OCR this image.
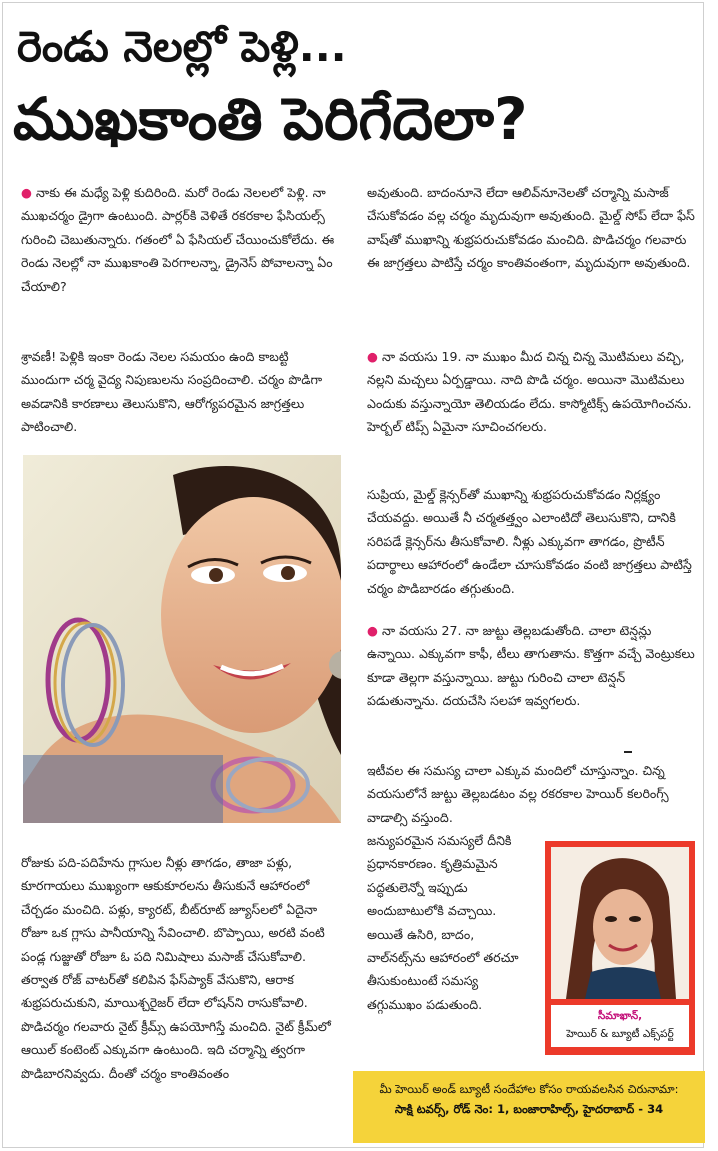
రెండు నెలల్లో పెళ్లి...
ముఖకాంతి పెరిగేదెలా?

● నాకు ఈ మధ్యే పెళ్లి కుదిరింది. మరో రెండు నెలలలో పెళ్లి. నా ముఖచర్మం డ్రైగా ఉంటుంది. పార్లర్‌కి వెళితే రకరకాల ఫేసియల్స్ గురించి చెబుతున్నారు. గతంలో ఏ ఫేసియల్ చేయించుకోలేదు. ఈ రెండు నెలల్లో నా ముఖకాంతి పెరగాలన్నా, డ్రైనెస్ పోవాలన్నా ఏం చేయాలి?

శ్రావణీ! పెళ్లికి ఇంకా రెండు నెలల సమయం ఉంది కాబట్టి ముందుగా చర్మ వైద్య నిపుణులను సంప్రదించాలి. చర్మం పొడిగా అవడానికి కారణాలు తెలుసుకొని, ఆరోగ్యపరమైన జాగ్రత్తలు పాటించాలి.

రోజుకు పది-పదిహేను గ్లాసుల నీళ్లు తాగడం, తాజా పళ్లు, కూరగాయలు ముఖ్యంగా ఆకుకూరలను తీసుకునే ఆహారంలో చేర్చడం మంచిది. పళ్లు, క్యారట్, బీట్‌రూట్ జ్యూస్‌లలో ఏదైనా రోజూ ఒక గ్లాసు పానీయాన్ని సేవించాలి. బొప్పాయి, అరటి వంటి పండ్ల గుజ్జుతో రోజూ ఓ పది నిమిషాలు మసాజ్ చేసుకోవాలి. తర్వాత రోజ్ వాటర్‌తో కలిపిన ఫేస్‌ప్యాక్ వేసుకొని, ఆరాక శుభ్రపరుచుకుని, మాయిశ్చరైజర్ లేదా లోషన్‌ని రాసుకోవాలి. పొడిచర్మం గలవారు నైట్ క్రీమ్స్ ఉపయోగిస్తే మంచిది. నైట్ క్రీమ్‌లో ఆయిల్ కంటెంట్ ఎక్కువగా ఉంటుంది. ఇది చర్మాన్ని త్వరగా పొడిబారనివ్వదు. దీంతో చర్మం కాంతివంతం

అవుతుంది. బాదంనూనె లేదా ఆలివ్‌నూనెలతో చర్మాన్ని మసాజ్ చేసుకోవడం వల్ల చర్మం మృదువుగా అవుతుంది. మైల్డ్ సోప్ లేదా ఫేస్ వాష్‌తో ముఖాన్ని శుభ్రపరుచుకోవడం మంచిది. పొడిచర్మం గలవారు ఈ జాగ్రత్తలు పాటిస్తే చర్మం కాంతివంతంగా, మృదువుగా అవుతుంది.

● నా వయసు 19. నా ముఖం మీద చిన్న చిన్న మొటిమలు వచ్చి, నల్లని మచ్చలు ఏర్పడ్డాయి. నాది పొడి చర్మం. అయినా మొటిమలు ఎందుకు వస్తున్నాయో తెలియడం లేదు. కాస్మోటిక్స్ ఉపయోగించను. హెర్బల్ టిప్స్ ఏమైనా సూచించగలరు.

సుప్రియ, మైల్డ్ క్లెన్సర్‌తో ముఖాన్ని శుభ్రపరుచుకోవడం నిర్లక్ష్యం చేయవద్దు. అయితే నీ చర్మతత్త్వం ఎలాంటిదో తెలుసుకొని, దానికి సరిపడే క్లెన్సర్‌ను తీసుకోవాలి. నీళ్లు ఎక్కువగా తాగడం, ప్రొటీన్ పదార్థాలు ఆహారంలో ఉండేలా చూసుకోవడం వంటి జాగ్రత్తలు పాటిస్తే చర్మం పొడిబారడం తగ్గుతుంది.

● నా వయసు 27. నా జుట్టు తెల్లబడుతోంది. చాలా టెన్షన్లు ఉన్నాయి. ఎక్కువగా కాఫీ, టీలు తాగుతాను. కొత్తగా వచ్చే వెంట్రుకలు కూడా తెల్లగా వస్తున్నాయి. జుట్టు గురించి చాలా టెన్షన్ పడుతున్నాను. దయచేసి సలహా ఇవ్వగలరు.

ఇటీవల ఈ సమస్య చాలా ఎక్కువ మందిలో చూస్తున్నాం. చిన్న వయసులోనే జుట్టు తెల్లబడటం వల్ల రకరకాల హెయిర్ కలరింగ్స్ వాడాల్సి వస్తుంది.

జన్యుపరమైన సమస్యలే దీనికి ప్రధానకారణం. కృత్రిమమైన పద్ధతులెన్నో ఇప్పుడు అందుబాటులోకి వచ్చాయి. అయితే ఉసిరి, బాదం, వాల్‌నట్స్‌ను ఆహారంలో తరచూ తీసుకుంటుంటే సమస్య తగ్గుముఖం పడుతుంది.

సీమాఖాన్,
హెయిర్ & బ్యూటీ ఎక్స్‌పర్ట్
మీ హెయిర్ అండ్ బ్యూటీ సందేహాల కోసం రాయవలసిన చిరునామా:
సాక్షి టవర్స్, రోడ్ నెం: 1, బంజారాహిల్స్, హైదరాబాద్ - 34
